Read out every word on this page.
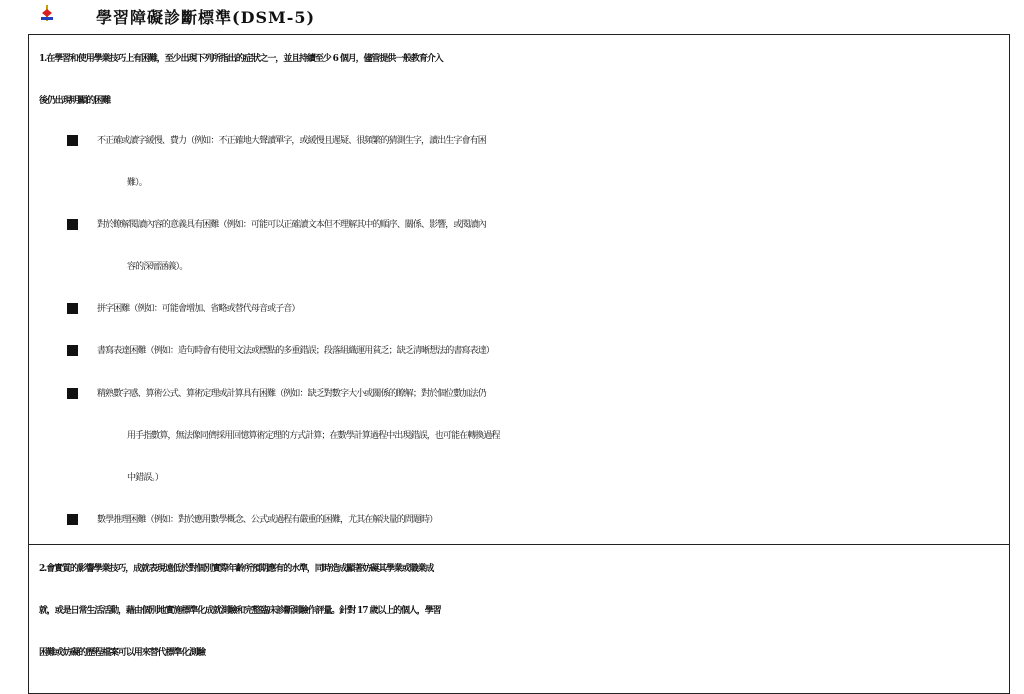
學習障礙診斷標準(DSM-5)
1.在學習和使用學業技巧上有困難，至少出現下列所指出的症狀之一，並且持續至少 6 個月，儘管提供一般教育介入
後仍出現明顯的困難
不正確或讀字緩慢、費力（例如：不正確地大聲讀單字，或緩慢且遲疑、很頻繁的猜測生字，讀出生字會有困
難）。
對於瞭解閱讀內容的意義具有困難（例如：可能可以正確讀文本但不理解其中的順序、關係、影響，或閱讀內
容的深層涵義）。
拼字困難（例如：可能會增加、省略或替代母音或子音）
書寫表達困難（例如：造句時會有使用文法或標點的多重錯誤；段落組織運用貧乏；缺乏清晰想法的書寫表達）
精熟數字感、算術公式、算術定理或計算具有困難（例如：缺乏對數字大小或關係的瞭解；對於個位數加法仍
用手指數算，無法像同儕採用回憶算術定理的方式計算；在數學計算過程中出現錯誤，也可能在轉換過程
中錯誤。）
數學推理困難（例如：對於應用數學概念、公式或過程有嚴重的困難，尤其在解決量的問題時）
2.會實質的影響學業技巧，成就表現遠低於對個別實際年齡所預期應有的水準，同時造成顯著妨礙其學業或職業成
就，或是日常生活活動，藉由個別地實施標準化成就測驗和完整臨床診斷測驗作評量。針對 17 歲以上的個人，學習
困難或妨礙的歷程檔案可以用來替代標準化測驗
